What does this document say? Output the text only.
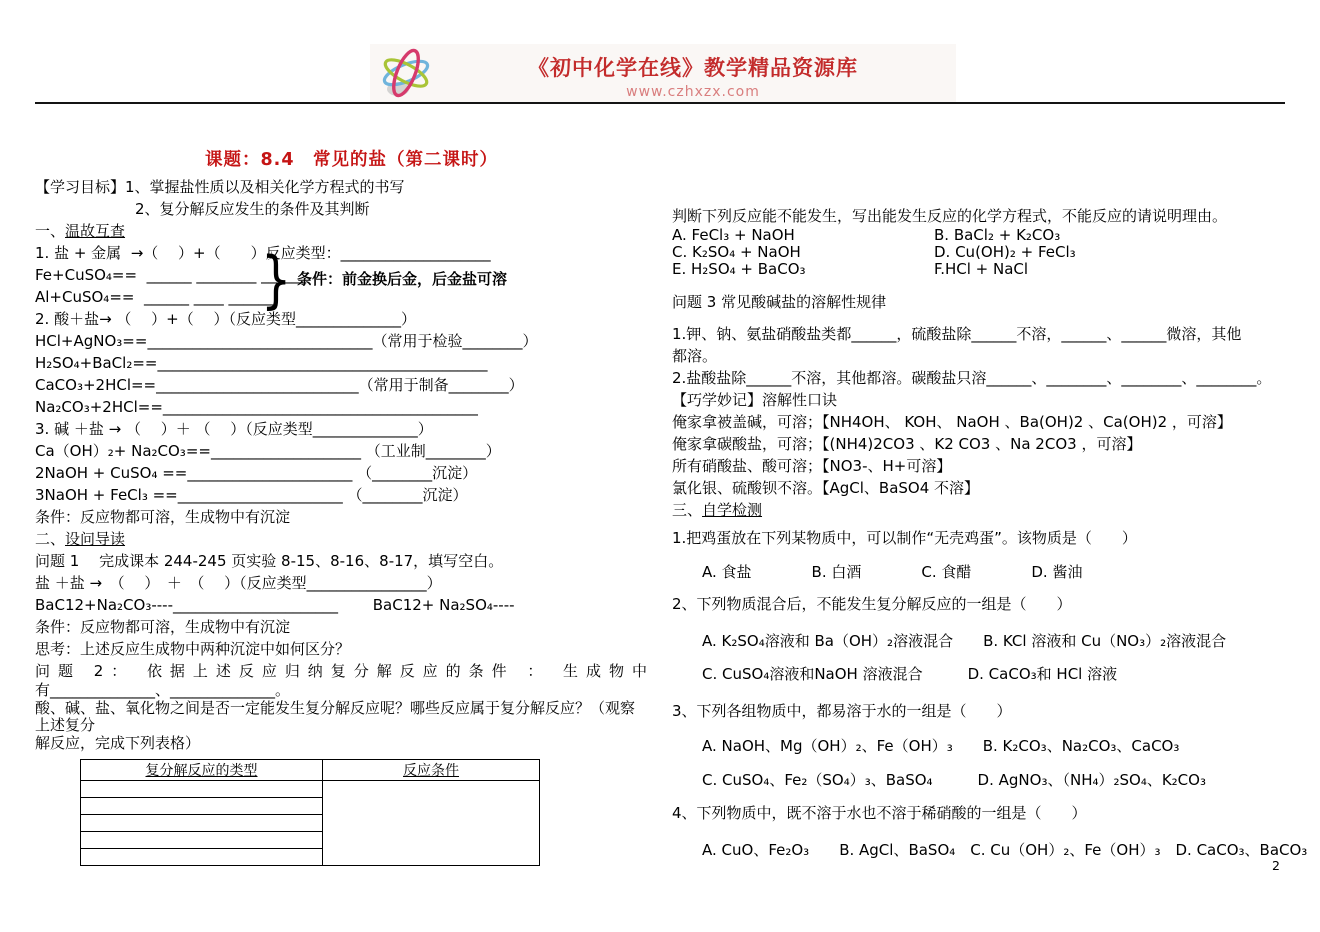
《初中化学在线》教学精品资源库
www.czhxzx.com
课题：8.4　常见的盐（第二课时）
【学习目标】1、掌握盐性质以及相关化学方程式的书写
2、复分解反应发生的条件及其判断
一、温故互查
1. 盐 + 金属  →（　 ）+（　　）反应类型：____________________
Fe+CuSO₄==  ______ ________ ______
Al+CuSO₄==  ______ ____ ______
2. 酸＋盐→ （　 ）+（　 ）（反应类型______________）
HCl+AgNO₃==______________________________（常用于检验________）
H₂SO₄+BaCl₂==____________________________________________
CaCO₃+2HCl==___________________________（常用于制备________）
Na₂CO₃+2HCl==__________________________________________
3. 碱 ＋盐 → （　 ）＋ （　 ）（反应类型______________）
Ca（OH）₂+ Na₂CO₃==____________________ （工业制________）
2NaOH + CuSO₄ ==______________________ （________沉淀）
3NaOH + FeCl₃ ==______________________ （________沉淀）
条件：反应物都可溶，生成物中有沉淀
二、设问导读
问题 1　 完成课本 244-245 页实验 8-15、8-16、8-17，填写空白。
盐 ＋盐 →　（　 ）　＋　（　 ）（反应类型________________）
BaC12+Na₂CO₃----______________________　　 BaC12+ Na₂SO₄----
条件：反应物都可溶，生成物中有沉淀
思考：上述反应生成物中两种沉淀中如何区分？
问题 2： 依据上述反应归纳复分解反应的条件 ： 生成物中
有______________、______________。
酸、碱、盐、氧化物之间是否一定能发生复分解反应呢？哪些反应属于复分解反应？（观察
上述复分
解反应，完成下列表格）
复分解反应的类型	反应条件

} 条件：前金换后金，后金盐可溶
判断下列反应能不能发生，写出能发生反应的化学方程式，不能反应的请说明理由。
A. FeCl₃ + NaOH	B. BaCl₂ + K₂CO₃
C. K₂SO₄ + NaOH	D. Cu(OH)₂ + FeCl₃
E. H₂SO₄ + BaCO₃	F.HCl + NaCl
问题 3 常见酸碱盐的溶解性规律
1.钾、钠、氨盐硝酸盐类都______，硫酸盐除______不溶，______、______微溶，其他
都溶。
2.盐酸盐除______不溶，其他都溶。碳酸盐只溶______、________、________、________。
【巧学妙记】溶解性口诀
俺家拿被盖碱，可溶；【NH4OH、 KOH、 NaOH 、Ba(OH)2 、Ca(OH)2 ，可溶】
俺家拿碳酸盐，可溶；【(NH4)2CO3 、K2 CO3 、Na 2CO3 ，可溶】
所有硝酸盐、酸可溶；【NO3-、H+可溶】
氯化银、硫酸钡不溶。【AgCl、BaSO4 不溶】
三、自学检测
1.把鸡蛋放在下列某物质中，可以制作“无壳鸡蛋”。该物质是（　　）
A. 食盐　　　　B. 白酒　　　　C. 食醋　　　　D. 酱油
2、下列物质混合后，不能发生复分解反应的一组是（　　）
A. K₂SO₄溶液和 Ba（OH）₂溶液混合　　B. KCl 溶液和 Cu（NO₃）₂溶液混合
C. CuSO₄溶液和NaOH 溶液混合　　　D. CaCO₃和 HCl 溶液
3、下列各组物质中，都易溶于水的一组是（　　）
A. NaOH、Mg（OH）₂、Fe（OH）₃　　B. K₂CO₃、Na₂CO₃、CaCO₃
C. CuSO₄、Fe₂（SO₄）₃、BaSO₄　　　D. AgNO₃、（NH₄）₂SO₄、K₂CO₃
4、下列物质中，既不溶于水也不溶于稀硝酸的一组是（　　）
A. CuO、Fe₂O₃　　B. AgCl、BaSO₄　C. Cu（OH）₂、Fe（OH）₃　D. CaCO₃、BaCO₃
2
